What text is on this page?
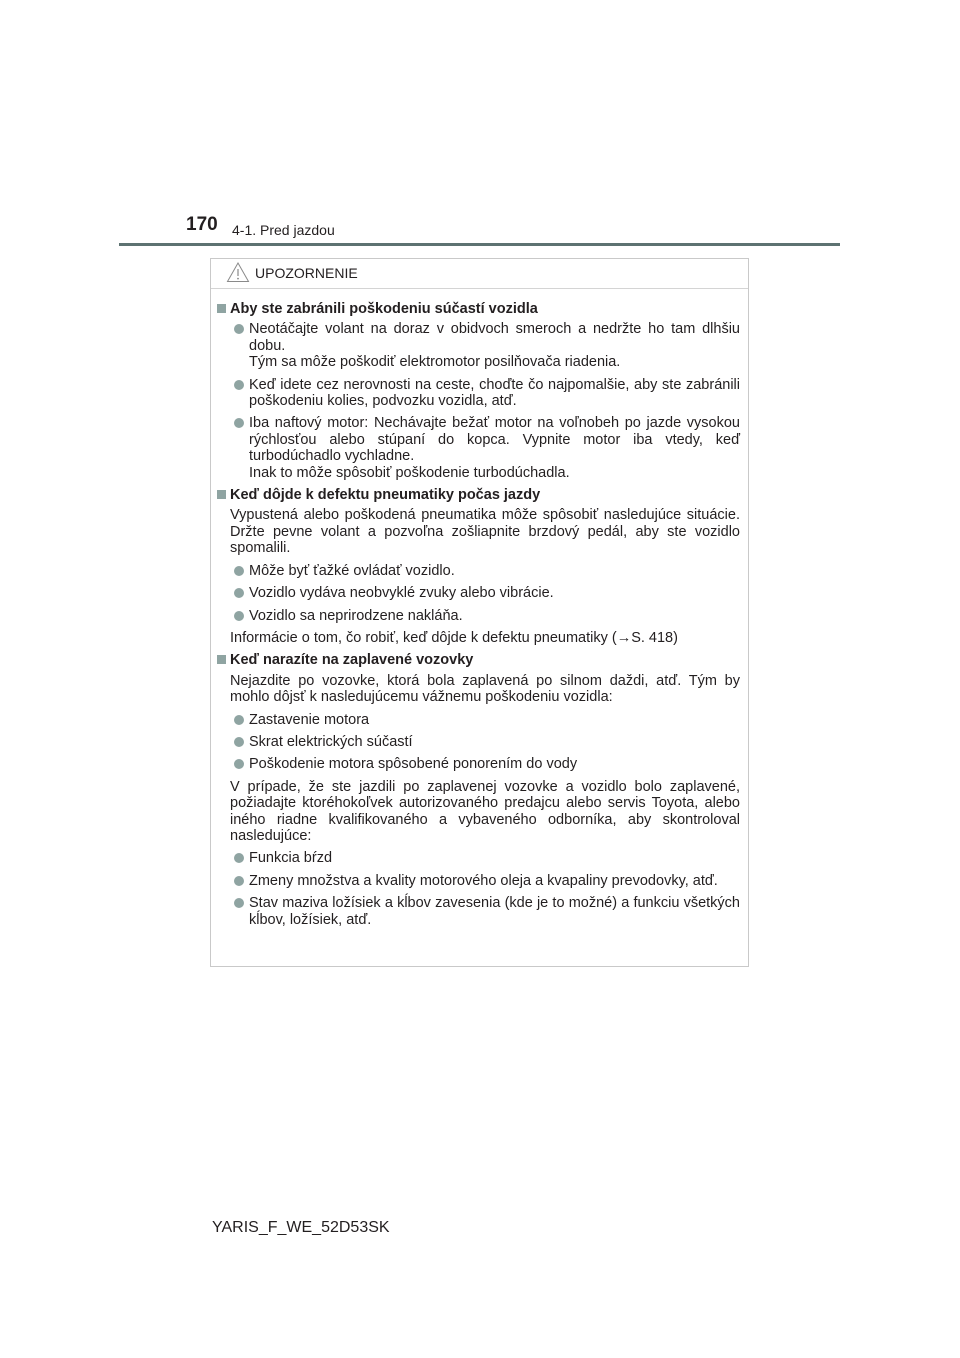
170 4-1. Pred jazdou
UPOZORNENIE
Aby ste zabránili poškodeniu súčastí vozidla
Neotáčajte volant na doraz v obidvoch smeroch a nedržte ho tam dlhšiu dobu.
Tým sa môže poškodiť elektromotor posilňovača riadenia.
Keď idete cez nerovnosti na ceste, choďte čo najpomalšie, aby ste zabránili poškodeniu kolies, podvozku vozidla, atď.
Iba naftový motor: Nechávajte bežať motor na voľnobeh po jazde vysokou rýchlosťou alebo stúpaní do kopca. Vypnite motor iba vtedy, keď turbodúchadlo vychladne.
Inak to môže spôsobiť poškodenie turbodúchadla.
Keď dôjde k defektu pneumatiky počas jazdy
Vypustená alebo poškodená pneumatika môže spôsobiť nasledujúce situácie. Držte pevne volant a pozvoľna zošliapnite brzdový pedál, aby ste vozidlo spomalili.
Môže byť ťažké ovládať vozidlo.
Vozidlo vydáva neobvyklé zvuky alebo vibrácie.
Vozidlo sa neprirodzene nakláňa.
Informácie o tom, čo robiť, keď dôjde k defektu pneumatiky (→S. 418)
Keď narazíte na zaplavené vozovky
Nejazdite po vozovke, ktorá bola zaplavená po silnom daždi, atď. Tým by mohlo dôjsť k nasledujúcemu vážnemu poškodeniu vozidla:
Zastavenie motora
Skrat elektrických súčastí
Poškodenie motora spôsobené ponorením do vody
V prípade, že ste jazdili po zaplavenej vozovke a vozidlo bolo zaplavené, požiadajte ktoréhokoľvek autorizovaného predajcu alebo servis Toyota, alebo iného riadne kvalifikovaného a vybaveného odborníka, aby skontroloval nasledujúce:
Funkcia bŕzd
Zmeny množstva a kvality motorového oleja a kvapaliny prevodovky, atď.
Stav maziva ložísiek a kĺbov zavesenia (kde je to možné) a funkciu všetkých kĺbov, ložísiek, atď.
YARIS_F_WE_52D53SK
